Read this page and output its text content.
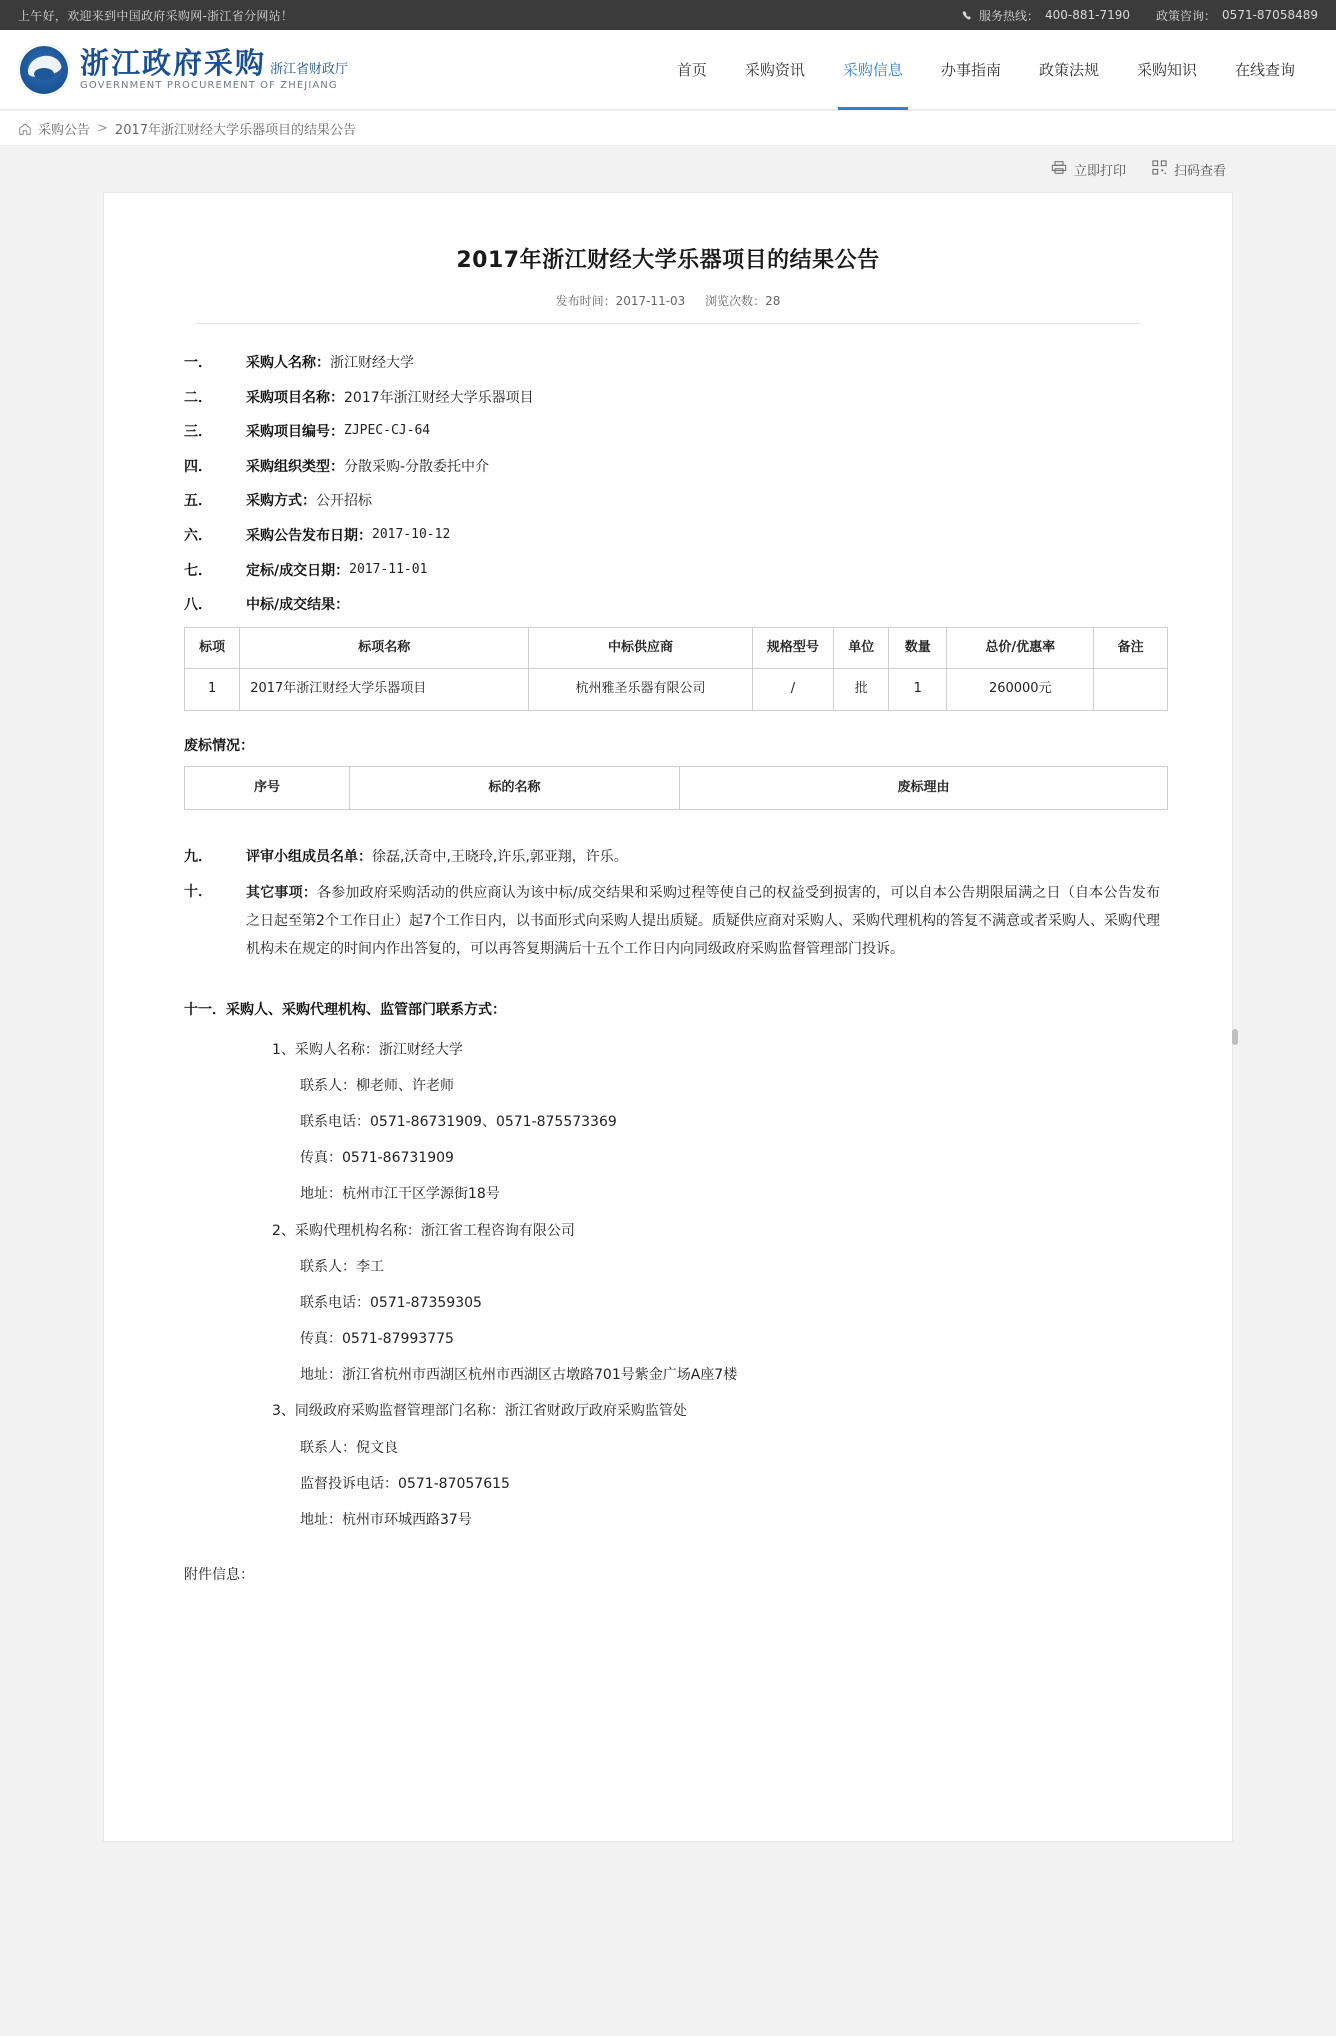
上午好，欢迎来到中国政府采购网-浙江省分网站！	服务热线： 400-881-7190 政策咨询： 0571-87058489
浙江政府采购 浙江省财政厅
GOVERNMENT PROCUREMENT OF ZHEJIANG
首页	采购资讯	采购信息	办事指南	政策法规	采购知识	在线查询
采购公告 > 2017年浙江财经大学乐器项目的结果公告
立即打印	扫码查看
2017年浙江财经大学乐器项目的结果公告
发布时间：2017-11-03 浏览次数：28
一．	采购人名称： 浙江财经大学
二．	采购项目名称： 2017年浙江财经大学乐器项目
三．	采购项目编号： ZJPEC-CJ-64
四．	采购组织类型： 分散采购-分散委托中介
五．	采购方式： 公开招标
六．	采购公告发布日期： 2017-10-12
七．	定标/成交日期： 2017-11-01
八．	中标/成交结果：
标项	标项名称	中标供应商	规格型号	单位	数量	总价/优惠率	备注
1	2017年浙江财经大学乐器项目	杭州雅圣乐器有限公司	/	批	1	260000元	
废标情况：
序号	标的名称	废标理由
九．	评审小组成员名单： 徐磊,沃奇中,王晓玲,许乐,郭亚翔，许乐。
十．	其它事项：各参加政府采购活动的供应商认为该中标/成交结果和采购过程等使自己的权益受到损害的，可以自本公告期限届满之日（自本公告发布之日起至第2个工作日止）起7个工作日内，以书面形式向采购人提出质疑。质疑供应商对采购人、采购代理机构的答复不满意或者采购人、采购代理机构未在规定的时间内作出答复的，可以再答复期满后十五个工作日内向同级政府采购监督管理部门投诉。
十一．采购人、采购代理机构、监管部门联系方式：
1、采购人名称：浙江财经大学
联系人：柳老师、许老师
联系电话：0571-86731909、0571-875573369
传真：0571-86731909
地址：杭州市江干区学源街18号
2、采购代理机构名称：浙江省工程咨询有限公司
联系人：李工
联系电话：0571-87359305
传真：0571-87993775
地址：浙江省杭州市西湖区杭州市西湖区古墩路701号紫金广场A座7楼
3、同级政府采购监督管理部门名称：浙江省财政厅政府采购监管处
联系人：倪文良
监督投诉电话：0571-87057615
地址：杭州市环城西路37号
附件信息：
